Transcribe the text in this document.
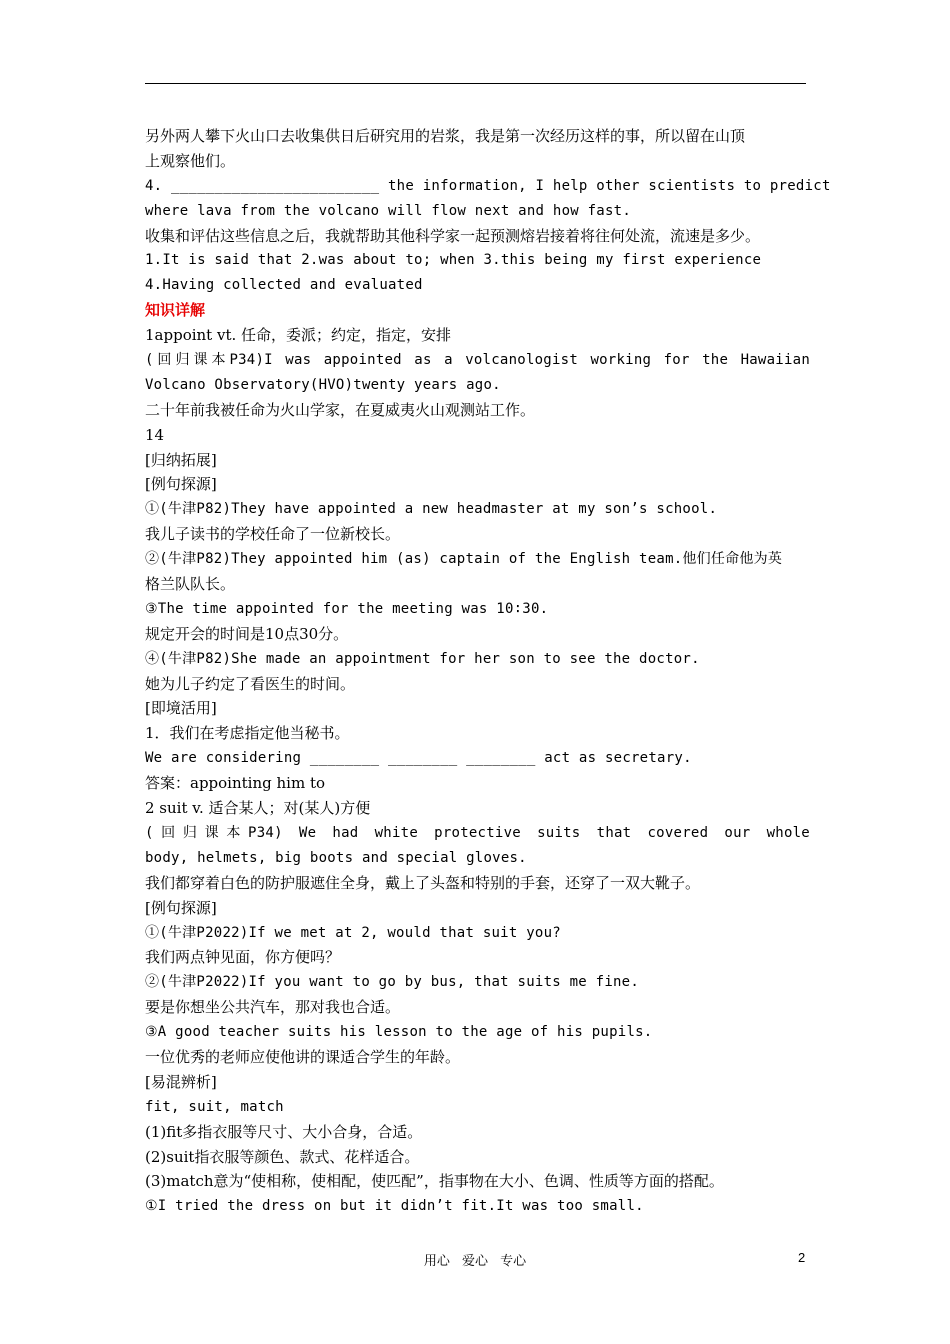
另外两人攀下火山口去收集供日后研究用的岩浆，我是第一次经历这样的事，所以留在山顶
上观察他们。
4. ________________________ the information, I help other scientists to predict
where lava from the volcano will flow next and how fast.
收集和评估这些信息之后，我就帮助其他科学家一起预测熔岩接着将往何处流，流速是多少。
1.It is said that 2.was about to; when 3.this being my first experience
4.Having collected and evaluated
知识详解
1appoint vt. 任命，委派；约定，指定，安排
(回归课本P34)I was appointed as a volcanologist working for the Hawaiian
Volcano Observatory(HVO)twenty years ago.
二十年前我被任命为火山学家，在夏威夷火山观测站工作。
14
[归纳拓展]
[例句探源]
①(牛津P82)They have appointed a new headmaster at my son’s school.
我儿子读书的学校任命了一位新校长。
②(牛津P82)They appointed him (as) captain of the English team.他们任命他为英
格兰队队长。
③The time appointed for the meeting was 10∶30.
规定开会的时间是10点30分。
④(牛津P82)She made an appointment for her son to see the doctor.
她为儿子约定了看医生的时间。
[即境活用]
1．我们在考虑指定他当秘书。
We are considering ________ ________ ________ act as secretary.
答案：appointing him to
2 suit v. 适合某人；对(某人)方便
(回归课本P34) We had white protective suits that covered our whole
body, helmets, big boots and special gloves.
我们都穿着白色的防护服遮住全身，戴上了头盔和特别的手套，还穿了一双大靴子。
[例句探源]
①(牛津P2022)If we met at 2, would that suit you?
我们两点钟见面，你方便吗？
②(牛津P2022)If you want to go by bus, that suits me fine.
要是你想坐公共汽车，那对我也合适。
③A good teacher suits his lesson to the age of his pupils.
一位优秀的老师应使他讲的课适合学生的年龄。
[易混辨析]
fit, suit, match
(1)fit多指衣服等尺寸、大小合身，合适。
(2)suit指衣服等颜色、款式、花样适合。
(3)match意为“使相称，使相配，使匹配”，指事物在大小、色调、性质等方面的搭配。
①I tried the dress on but it didn’t fit.It was too small.
用心 爱心 专心	2
